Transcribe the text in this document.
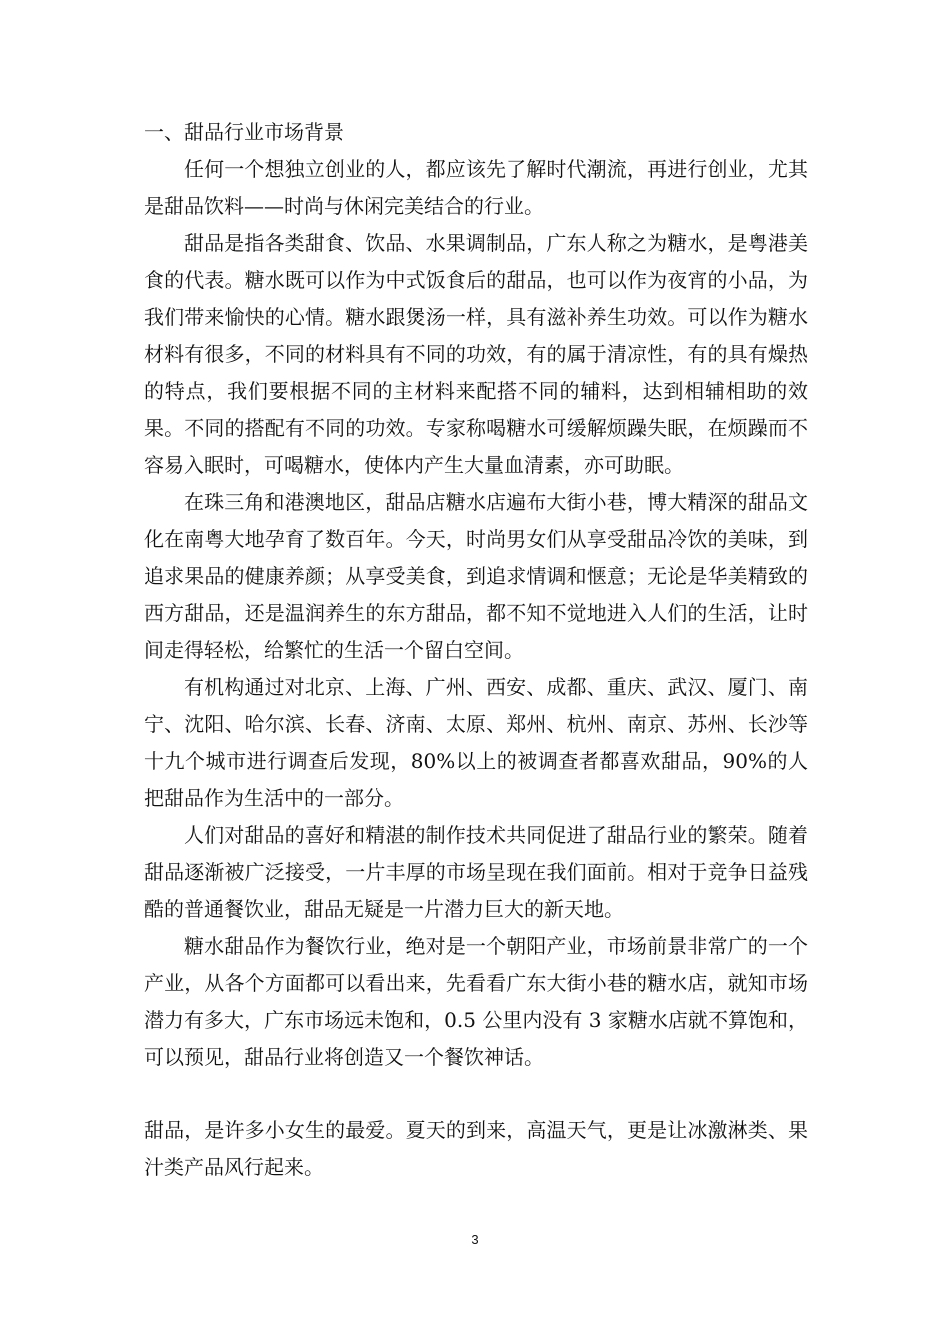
一、甜品行业市场背景

任何一个想独立创业的人，都应该先了解时代潮流，再进行创业，尤其是甜品饮料——时尚与休闲完美结合的行业。

甜品是指各类甜食、饮品、水果调制品，广东人称之为糖水，是粤港美食的代表。糖水既可以作为中式饭食后的甜品，也可以作为夜宵的小品，为我们带来愉快的心情。糖水跟煲汤一样，具有滋补养生功效。可以作为糖水材料有很多，不同的材料具有不同的功效，有的属于清凉性，有的具有燥热的特点，我们要根据不同的主材料来配搭不同的辅料，达到相辅相助的效果。不同的搭配有不同的功效。专家称喝糖水可缓解烦躁失眠，在烦躁而不容易入眠时，可喝糖水，使体内产生大量血清素，亦可助眠。

在珠三角和港澳地区，甜品店糖水店遍布大街小巷，博大精深的甜品文化在南粤大地孕育了数百年。今天，时尚男女们从享受甜品冷饮的美味，到追求果品的健康养颜；从享受美食，到追求情调和惬意；无论是华美精致的西方甜品，还是温润养生的东方甜品，都不知不觉地进入人们的生活，让时间走得轻松，给繁忙的生活一个留白空间。

有机构通过对北京、上海、广州、西安、成都、重庆、武汉、厦门、南宁、沈阳、哈尔滨、长春、济南、太原、郑州、杭州、南京、苏州、长沙等十九个城市进行调查后发现，80%以上的被调查者都喜欢甜品，90%的人把甜品作为生活中的一部分。

人们对甜品的喜好和精湛的制作技术共同促进了甜品行业的繁荣。随着甜品逐渐被广泛接受，一片丰厚的市场呈现在我们面前。相对于竞争日益残酷的普通餐饮业，甜品无疑是一片潜力巨大的新天地。

糖水甜品作为餐饮行业，绝对是一个朝阳产业，市场前景非常广的一个产业，从各个方面都可以看出来，先看看广东大街小巷的糖水店，就知市场潜力有多大，广东市场远未饱和，0.5 公里内没有 3 家糖水店就不算饱和，可以预见，甜品行业将创造又一个餐饮神话。

甜品，是许多小女生的最爱。夏天的到来，高温天气，更是让冰激淋类、果汁类产品风行起来。

3
